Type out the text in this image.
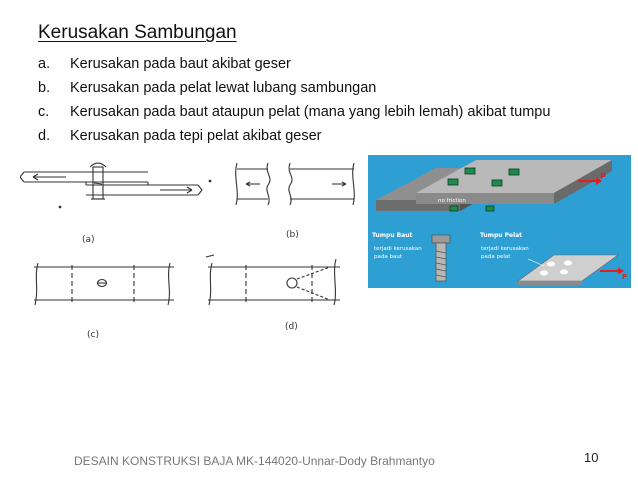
Kerusakan Sambungan
a. Kerusakan pada baut akibat geser
b. Kerusakan pada pelat lewat lubang sambungan
c. Kerusakan pada baut ataupun pelat (mana yang lebih lemah) akibat tumpu
d. Kerusakan pada tepi pelat akibat geser
(a)	(b)
(c)
(d)
no friction
P
Tumpu Baut
terjadi kerusakan
pada baut
Tumpu Pelat
terjadi kerusakan
pada pelat
P
DESAIN KONSTRUKSI BAJA MK-144020-Unnar-Dody Brahmantyo	10
